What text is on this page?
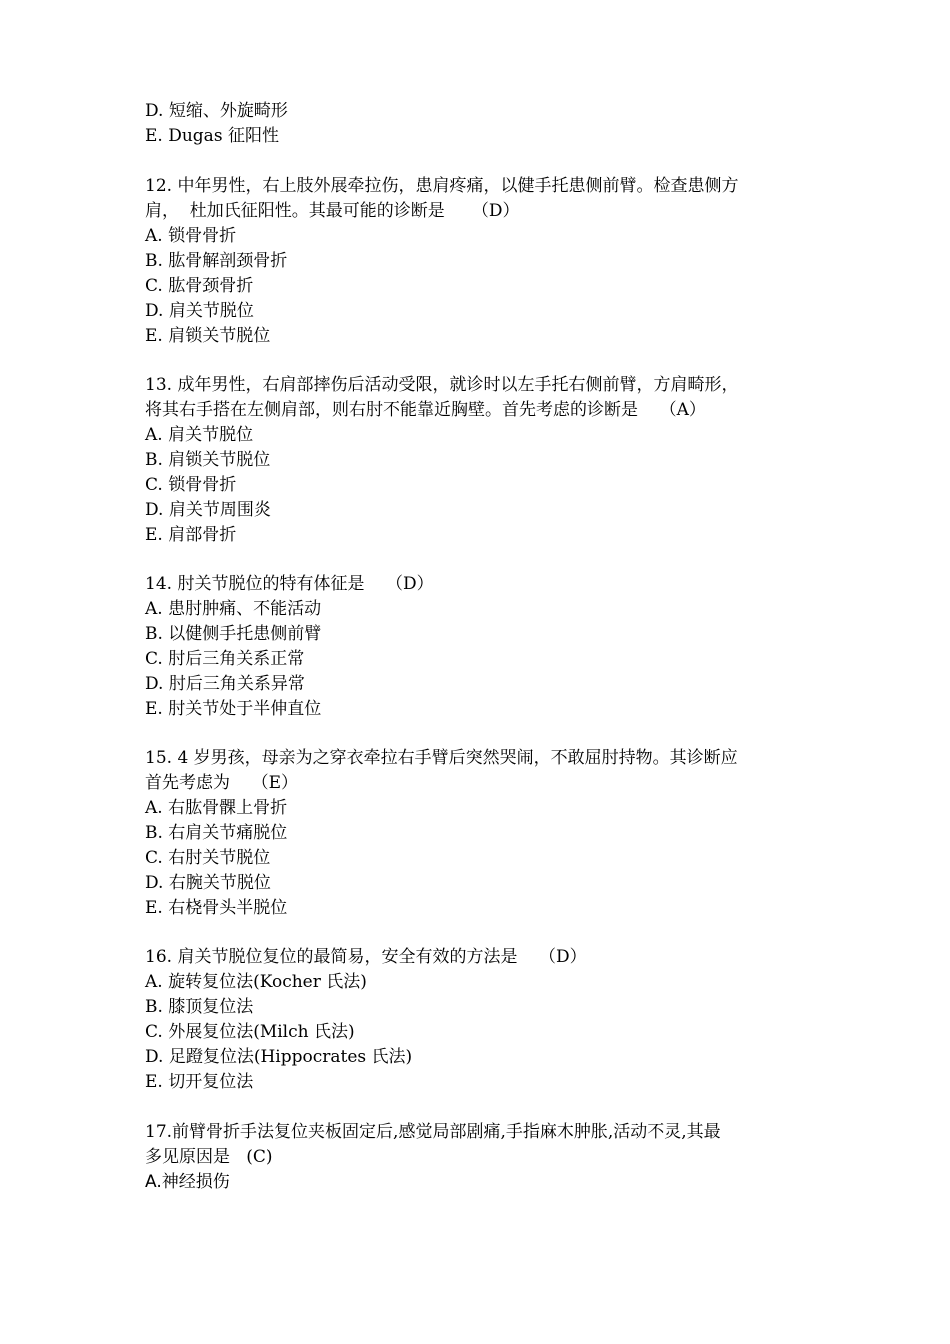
D. 短缩、外旋畸形
E. Dugas 征阳性
12. 中年男性，右上肢外展牵拉伤，患肩疼痛，以健手托患侧前臂。检查患侧方
肩，  杜加氏征阳性。其最可能的诊断是     （D）
A. 锁骨骨折
B. 肱骨解剖颈骨折
C. 肱骨颈骨折
D. 肩关节脱位
E. 肩锁关节脱位
13. 成年男性，右肩部摔伤后活动受限，就诊时以左手托右侧前臂，方肩畸形，
将其右手搭在左侧肩部，则右肘不能靠近胸壁。首先考虑的诊断是    （A）
A. 肩关节脱位
B. 肩锁关节脱位
C. 锁骨骨折
D. 肩关节周围炎
E. 肩部骨折
14. 肘关节脱位的特有体征是    （D）
A. 患肘肿痛、不能活动
B. 以健侧手托患侧前臂
C. 肘后三角关系正常
D. 肘后三角关系异常
E. 肘关节处于半伸直位
15. 4 岁男孩，母亲为之穿衣牵拉右手臂后突然哭闹，不敢屈肘持物。其诊断应
首先考虑为    （E）
A. 右肱骨髁上骨折
B. 右肩关节痛脱位
C. 右肘关节脱位
D. 右腕关节脱位
E. 右桡骨头半脱位
16. 肩关节脱位复位的最简易，安全有效的方法是    （D）
A. 旋转复位法(Kocher 氏法)
B. 膝顶复位法
C. 外展复位法(Milch 氏法)
D. 足蹬复位法(Hippocrates 氏法)
E. 切开复位法
17.前臂骨折手法复位夹板固定后,感觉局部剧痛,手指麻木肿胀,活动不灵,其最
多见原因是   (C)
A.神经损伤
